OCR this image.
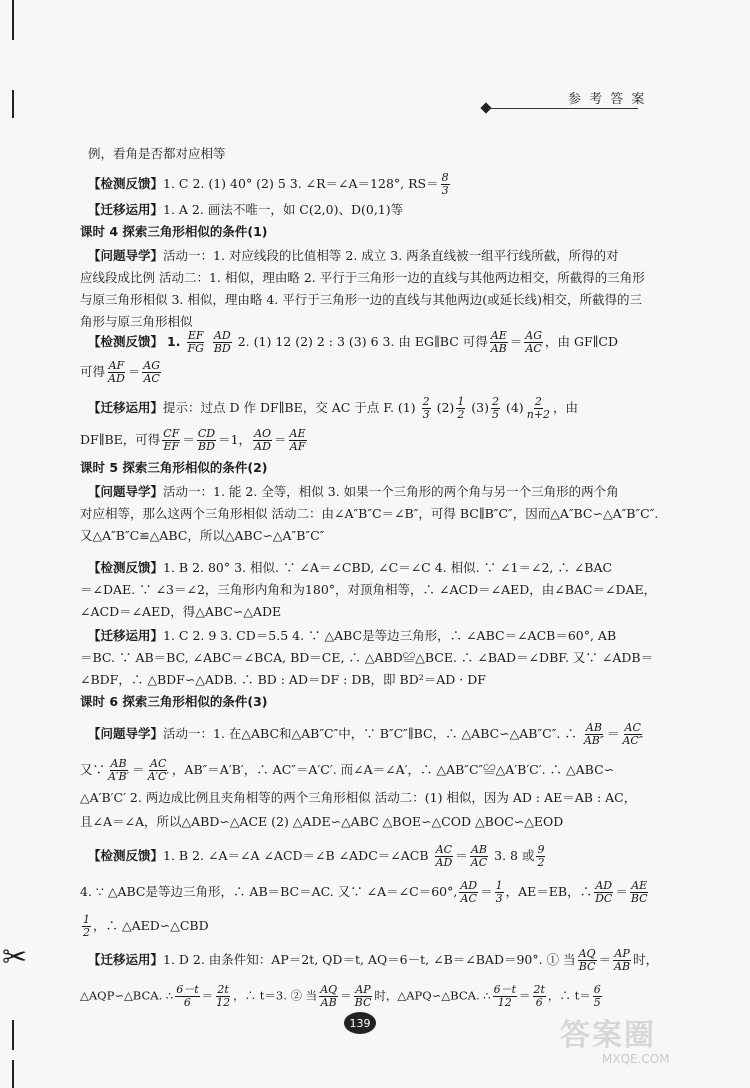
✂
参 考 答 案
例，看角是否都对应相等
【检测反馈】1. C 2. (1) 40° (2) 5 3. ∠R＝∠A＝128°, $RS= \frac{8}{3}$
【迁移运用】1. A 2. 画法不唯一，如 C(2,0)、D(0,1)等
课时 4 探索三角形相似的条件(1)
【问题导学】活动一：1. 对应线段的比值相等 2. 成立 3. 两条直线被一组平行线所截，所得的对
应线段成比例 活动二：1. 相似，理由略 2. 平行于三角形一边的直线与其他两边相交，所截得的三角形
与原三角形相似 3. 相似，理由略 4. 平行于三角形一边的直线与其他两边(或延长线)相交，所截得的三
角形与原三角形相似
【检测反馈】 1. $\frac{EF}{FG}$
$\frac{AD}{BD} 2$. (1) 12 (2) 2 : 3 (3) 6 3. 由 EG∥BC 可得 $\frac{AE}{AB} = \frac{AG}{AC}$ ，由 GF∥CD
可得 $\frac{AF}{AD} = \frac{AG}{AC}$
【迁移运用】提示：过点 D 作 DF∥BE，交 AC 于点 F. $(1) \frac{2}{3} (2) \frac{1}{2} (3) \frac{2}{5} (4) \frac{2}{n+2}$ ，由
DF∥BE，可得 $\frac{CF}{EF} = \frac{CD}{BD} =1$， $\frac{AO}{AD} = \frac{AE}{AF}$
课时 5 探索三角形相似的条件(2)
【问题导学】活动一：1. 能 2. 全等，相似 3. 如果一个三角形的两个角与另一个三角形的两个角
对应相等，那么这两个三角形相似 活动二：由∠A″B″C＝∠B″，可得 BC∥B″C″，因而△A″BC∽△A″B″C″.
又△A″B″C≌△ABC，所以△ABC∽△A″B″C″
【检测反馈】1. B 2. 80° 3. 相似. ∵ ∠A＝∠CBD, ∠C＝∠C 4. 相似. ∵ ∠1＝∠2, ∴ ∠BAC
＝∠DAE. ∵ ∠3＝∠2，三角形内角和为180°，对顶角相等，∴ ∠ACD＝∠AED，由∠BAC＝∠DAE，
∠ACD＝∠AED，得△ABC∽△ADE
【迁移运用】1. C 2. 9 3. CD＝5.5 4. ∵ △ABC是等边三角形，∴ ∠ABC＝∠ACB＝60°, AB
＝BC. ∵ AB＝BC, ∠ABC＝∠BCA, BD＝CE, ∴ △ABD≌△BCE. ∴ ∠BAD＝∠DBF. 又∵ ∠ADB＝
∠BDF，∴ △BDF∽△ADB. ∴ BD : AD＝DF : DB，即 BD²＝AD · DF
课时 6 探索三角形相似的条件(3)
【问题导学】活动一：1. 在△ABC和△AB″C″中，∵ B″C″∥BC，∴ △ABC∽△AB″C″. ∴ $\frac{AB}{AB''} = \frac{AC}{AC''}$
又∵ $\frac{AB}{A'B'} = \frac{AC}{A'C'}$ ，AB″＝A′B′，∴ AC″＝A′C′. 而∠A＝∠A′，∴ △AB″C″≌△A′B′C′. ∴ △ABC∽
△A′B′C′ 2. 两边成比例且夹角相等的两个三角形相似 活动二：(1) 相似，因为 AD : AE＝AB : AC，
且∠A＝∠A，所以△ABD∽△ACE (2) △ADE∽△ABC △BOE∽△COD △BOC∽△EOD
【检测反馈】1. B 2. ∠A＝∠A ∠ACD＝∠B ∠ADC＝∠ACB $\frac{AC}{AD} = \frac{AB}{AC} 3$. 8 或 $\frac{9}{2}$
4. ∵ △ABC是等边三角形，∴ AB＝BC＝AC. 又∵ ∠A＝∠C＝60°, $\frac{AD}{AC} = \frac{1}{3}$ ，AE＝EB，∴ $\frac{AD}{DC} = \frac{AE}{BC}$
$\frac{1}{2}$ ，∴ △AED∽△CBD
【迁移运用】1. D 2. 由条件知：AP＝2t, QD＝t, AQ＝6－t, ∠B＝∠BAD＝90°. ① 当 $\frac{AQ}{BC} = \frac{AP}{AB}$ 时，
△AQP∽△BCA. ∴ $\frac{6-t}{6} = \frac{2t}{12}$ ，∴ t＝3. ② 当 $\frac{AQ}{AB} = \frac{AP}{BC}$ 时，△APQ∽△BCA. ∴ $\frac{6-t}{12} = \frac{2t}{6}$ ，∴ $t= \frac{6}{5}$
139	答案圈
MXQE.COM
